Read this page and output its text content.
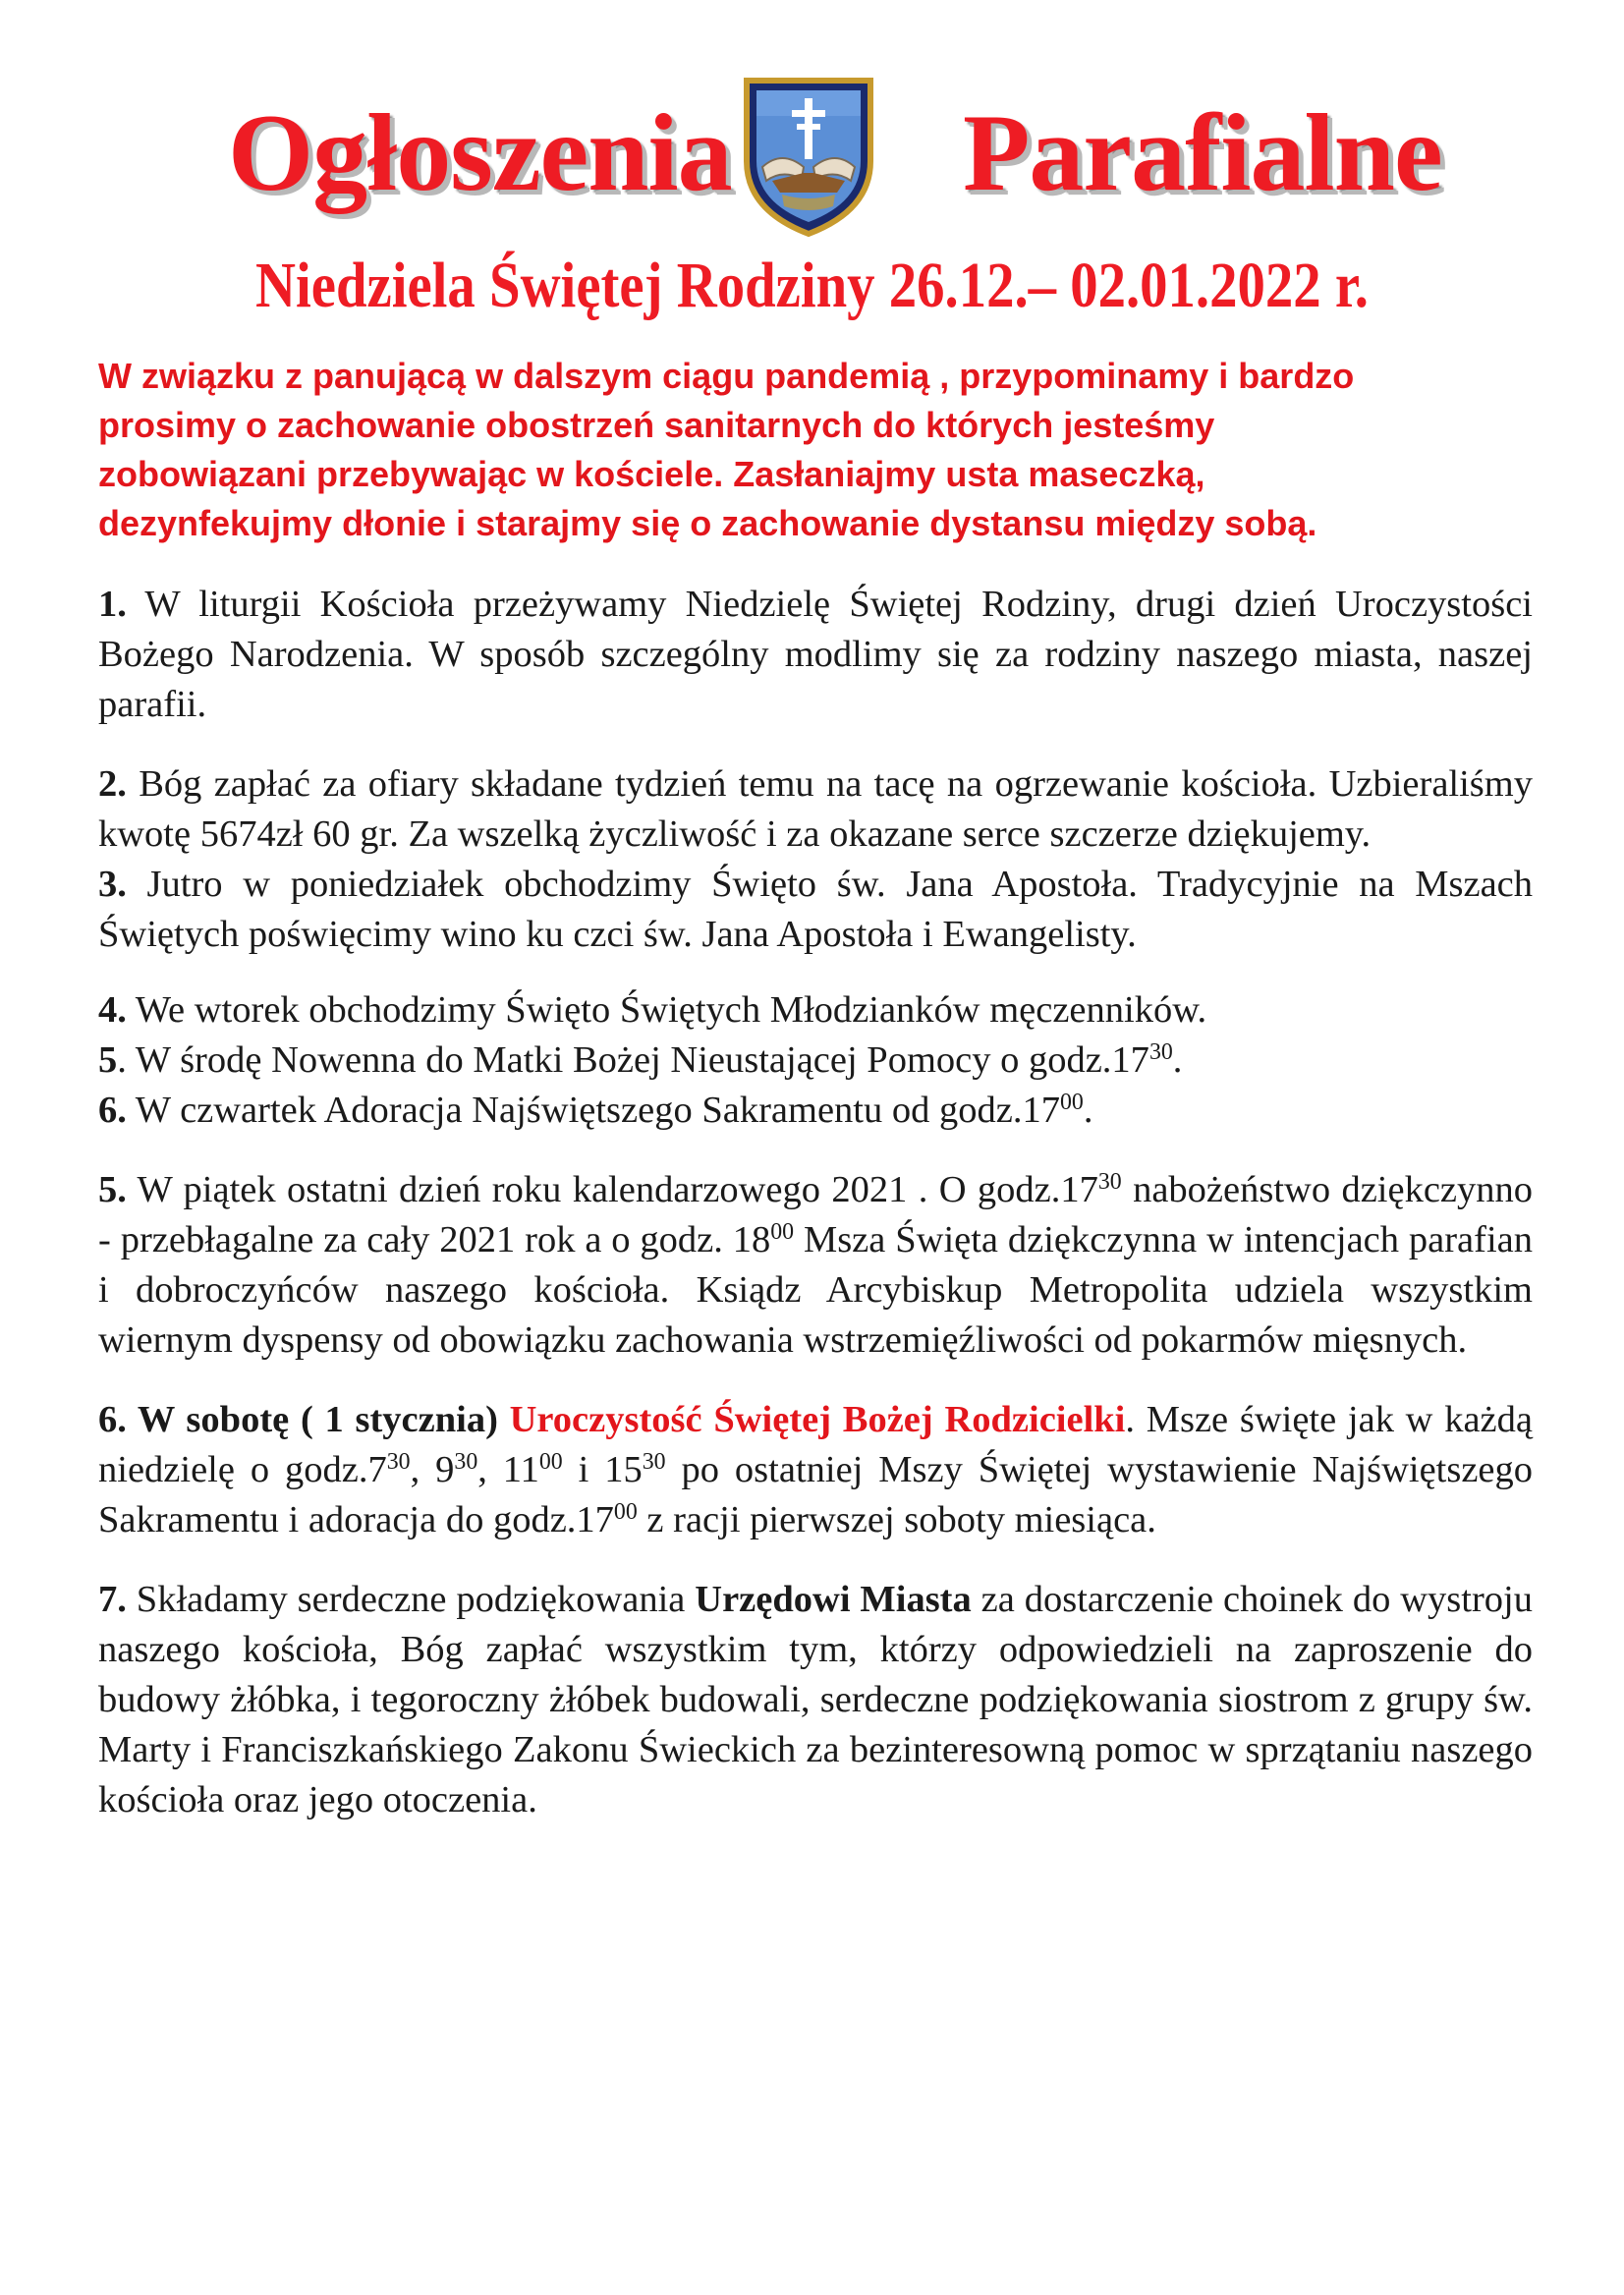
Ogłoszenia Parafialne
Niedziela Świętej Rodziny 26.12.– 02.01.2022 r.
W związku z panującą w dalszym ciągu pandemią , przypominamy i bardzo
prosimy o zachowanie obostrzeń sanitarnych do których jesteśmy
zobowiązani przebywając w kościele. Zasłaniajmy usta maseczką,
dezynfekujmy dłonie i starajmy się o zachowanie dystansu między sobą.

1. W liturgii Kościoła przeżywamy Niedzielę Świętej Rodziny, drugi dzień Uroczystości Bożego Narodzenia. W sposób szczególny modlimy się za rodziny naszego miasta, naszej parafii.

2. Bóg zapłać za ofiary składane tydzień temu na tacę na ogrzewanie kościoła. Uzbieraliśmy kwotę 5674zł 60 gr. Za wszelką życzliwość i za okazane serce szczerze dziękujemy.

3. Jutro w poniedziałek obchodzimy Święto św. Jana Apostoła. Tradycyjnie na Mszach Świętych poświęcimy wino ku czci św. Jana Apostoła i Ewangelisty.

4. We wtorek obchodzimy Święto Świętych Młodzianków męczenników.

5. W środę Nowenna do Matki Bożej Nieustającej Pomocy o $godz.17^{30}$.

6. W czwartek Adoracja Najświętszego Sakramentu od $godz.17^{00}$.

5. W piątek ostatni dzień roku kalendarzowego 2021 . O $godz.17^{30}$ nabożeństwo dziękczynno - przebłagalne za cały 2021 rok a o godz. $18^{00}$ Msza Święta dziękczynna w intencjach parafian i dobroczyńców naszego kościoła. Ksiądz Arcybiskup Metropolita udziela wszystkim wiernym dyspensy od obowiązku zachowania wstrzemięźliwości od pokarmów mięsnych.

6. W sobotę ( 1 stycznia) Uroczystość Świętej Bożej Rodzicielki. Msze święte jak w każdą niedzielę o $godz.7^{30}$, $9^{30}$, $11^{00}$ i $15^{30}$ po ostatniej Mszy Świętej wystawienie Najświętszego Sakramentu i adoracja do $godz.17^{00}$ z racji pierwszej soboty miesiąca.

7. Składamy serdeczne podziękowania Urzędowi Miasta za dostarczenie choinek do wystroju naszego kościoła, Bóg zapłać wszystkim tym, którzy odpowiedzieli na zaproszenie do budowy żłóbka, i tegoroczny żłóbek budowali, serdeczne podziękowania siostrom z grupy św. Marty i Franciszkańskiego Zakonu Świeckich za bezinteresowną pomoc w sprzątaniu naszego kościoła oraz jego otoczenia.
